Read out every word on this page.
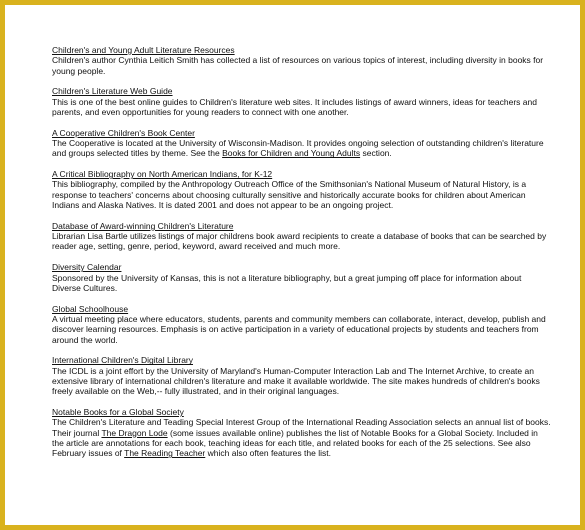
Children's and Young Adult Literature Resources
Children's author Cynthia Leitich Smith has collected a list of resources on various topics of interest, including diversity in books for young people.
Children's Literature Web Guide
This is one of the best online guides to Children's literature web sites. It includes listings of award winners, ideas for teachers and parents, and even opportunities for young readers to connect with one another.
A Cooperative Children's Book Center
The Cooperative is located at the University of Wisconsin-Madison. It provides ongoing selection of outstanding children's literature and groups selected titles by theme. See the Books for Children and Young Adults section.
A Critical Bibliography on North American Indians, for K-12
This bibliography, compiled by the Anthropology Outreach Office of the Smithsonian's National Museum of Natural History, is a response to teachers' concerns about choosing culturally sensitive and historically accurate books for children about American Indians and Alaska Natives. It is dated 2001 and does not appear to be an ongoing project.
Database of Award-winning Children's Literature
Librarian Lisa Bartle utilizes listings of major childrens book award recipients to create a database of books that can be searched by reader age, setting, genre, period, keyword, award received and much more.
Diversity Calendar
Sponsored by the University of Kansas, this is not a literature bibliography, but a great jumping off place for information about Diverse Cultures.
Global Schoolhouse
A virtual meeting place where educators, students, parents and community members can collaborate, interact, develop, publish and discover learning resources. Emphasis is on active participation in a variety of educational projects by students and teachers from around the world.
International Children's Digital Library
The ICDL is a joint effort by the University of Maryland's Human-Computer Interaction Lab and The Internet Archive, to create an extensive library of international children's literature and make it available worldwide. The site makes hundreds of children's books freely available on the Web,-- fully illustrated, and in their original languages.
Notable Books for a Global Society
The Children's Literature and Teading Special Interest Group of the International Reading Association selects an annual list of books. Their journal The Dragon Lode (some issues available online) publishes the list of Notable Books for a Global Society. Included in the article are annotations for each book, teaching ideas for each title, and related books for each of the 25 selections. See also February issues of The Reading Teacher which also often features the list.
